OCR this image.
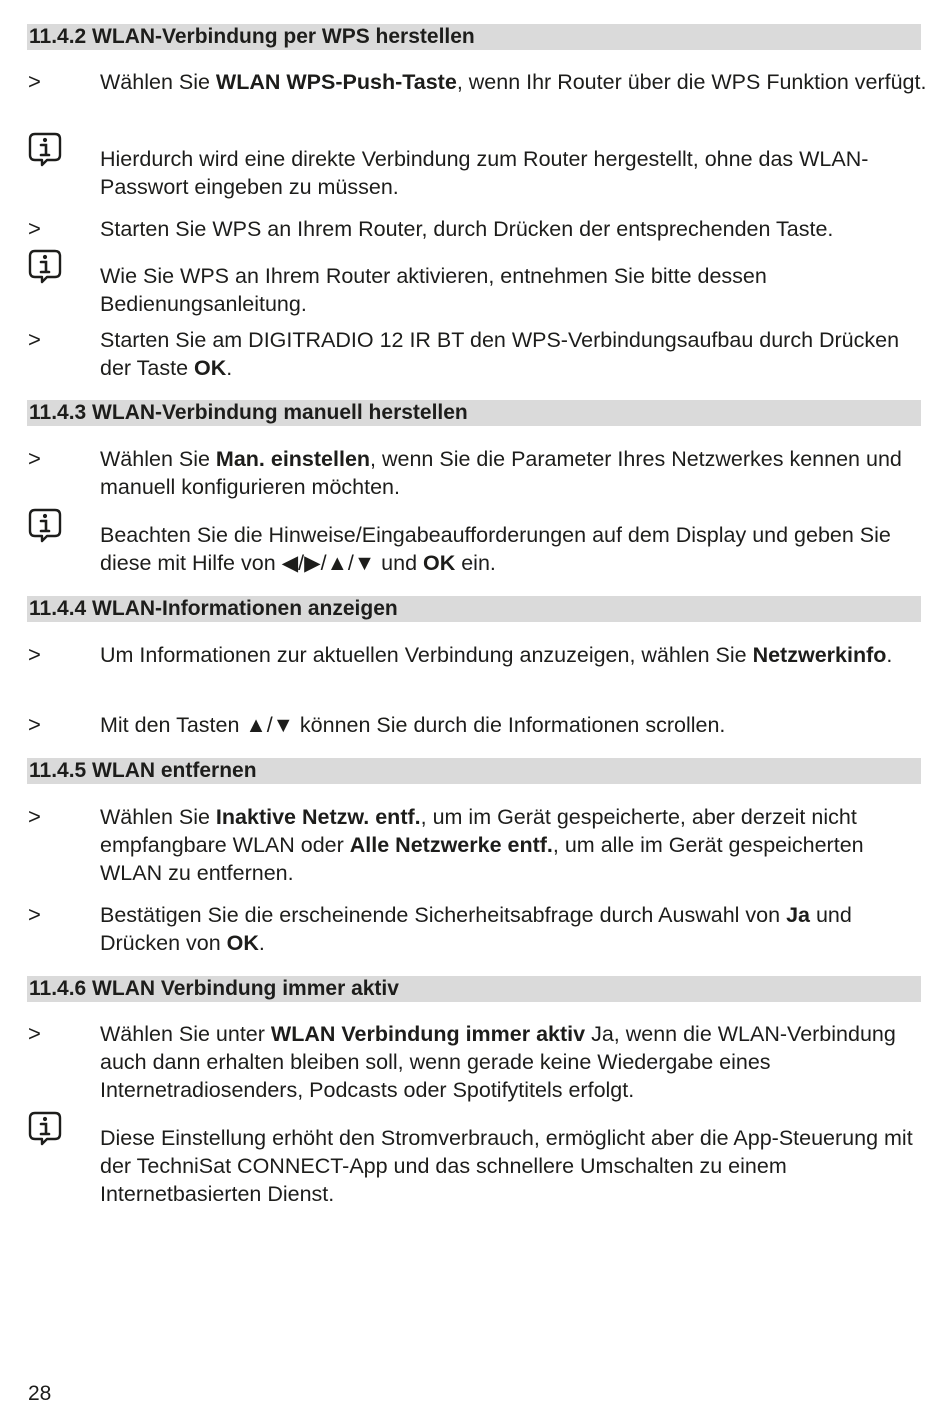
11.4.2 WLAN-Verbindung per WPS herstellen
11.4.3 WLAN-Verbindung manuell herstellen
11.4.4 WLAN-Informationen anzeigen
11.4.5 WLAN entfernen
11.4.6 WLAN Verbindung immer aktiv
>	Wählen Sie WLAN WPS-Push-Taste, wenn Ihr Router über die WPS Funktion verfügt.
Hierdurch wird eine direkte Verbindung zum Router hergestellt, ohne das WLAN-Passwort eingeben zu müssen.
>	Starten Sie WPS an Ihrem Router, durch Drücken der entsprechenden Taste.
Wie Sie WPS an Ihrem Router aktivieren, entnehmen Sie bitte dessen Bedienungsanleitung.
>	Starten Sie am DIGITRADIO 12 IR BT den WPS-Verbindungsaufbau durch Drücken der Taste OK.
>	Wählen Sie Man. einstellen, wenn Sie die Parameter Ihres Netzwerkes kennen und manuell konfigurieren möchten.
Beachten Sie die Hinweise/Eingabeaufforderungen auf dem Display und geben Sie diese mit Hilfe von ◀/▶/▲/▼ und OK ein.
>	Um Informationen zur aktuellen Verbindung anzuzeigen, wählen Sie Netzwerkinfo.
>	Mit den Tasten ▲/▼ können Sie durch die Informationen scrollen.
>	Wählen Sie Inaktive Netzw. entf., um im Gerät gespeicherte, aber derzeit nicht empfangbare WLAN oder Alle Netzwerke entf., um alle im Gerät gespeicherten WLAN zu entfernen.
>	Bestätigen Sie die erscheinende Sicherheitsabfrage durch Auswahl von Ja und Drücken von OK.
>	Wählen Sie unter WLAN Verbindung immer aktiv Ja, wenn die WLAN-Verbindung auch dann erhalten bleiben soll, wenn gerade keine Wiedergabe eines Internetradiosenders, Podcasts oder Spotifytitels erfolgt.
Diese Einstellung erhöht den Stromverbrauch, ermöglicht aber die App-Steuerung mit der TechniSat CONNECT-App und das schnellere Umschalten zu einem Internetbasierten Dienst.
28
